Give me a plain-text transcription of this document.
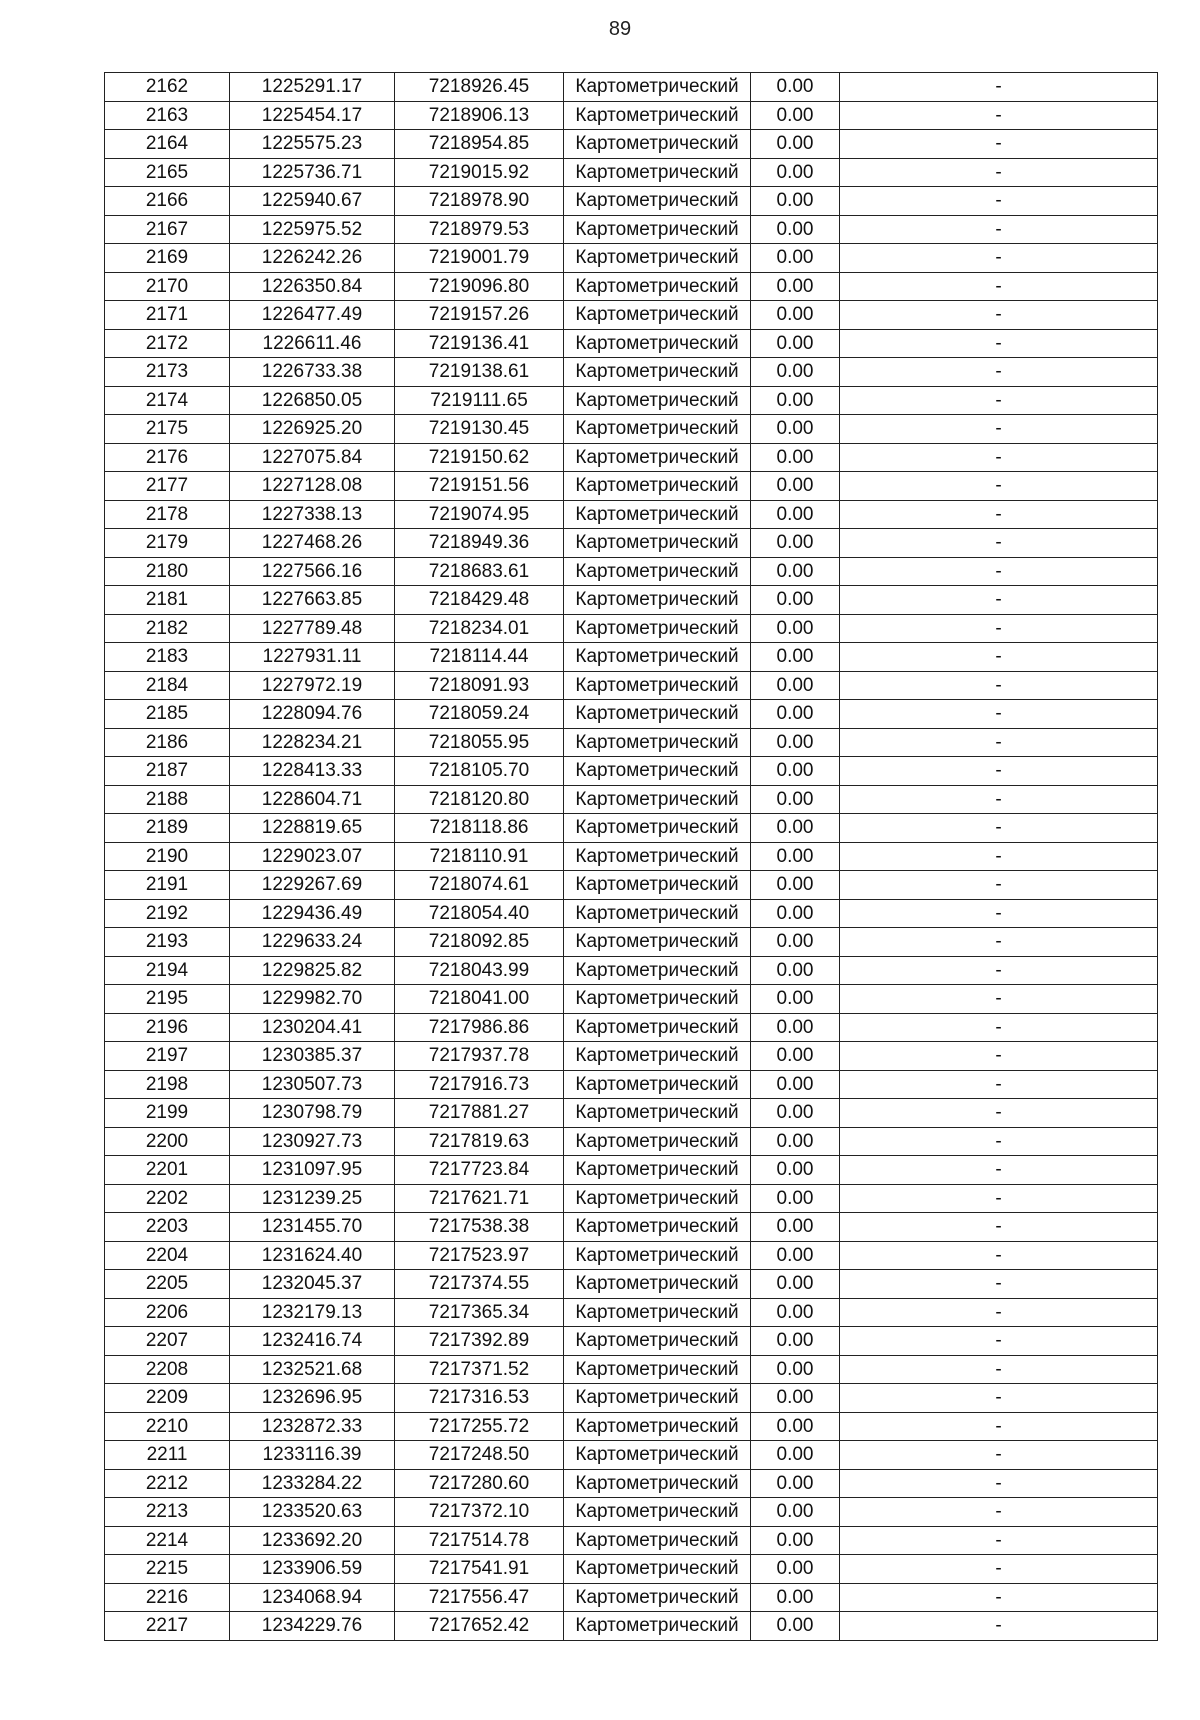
89
2162	1225291.17	7218926.45	Картометрический	0.00	-
2163	1225454.17	7218906.13	Картометрический	0.00	-
2164	1225575.23	7218954.85	Картометрический	0.00	-
2165	1225736.71	7219015.92	Картометрический	0.00	-
2166	1225940.67	7218978.90	Картометрический	0.00	-
2167	1225975.52	7218979.53	Картометрический	0.00	-
2169	1226242.26	7219001.79	Картометрический	0.00	-
2170	1226350.84	7219096.80	Картометрический	0.00	-
2171	1226477.49	7219157.26	Картометрический	0.00	-
2172	1226611.46	7219136.41	Картометрический	0.00	-
2173	1226733.38	7219138.61	Картометрический	0.00	-
2174	1226850.05	7219111.65	Картометрический	0.00	-
2175	1226925.20	7219130.45	Картометрический	0.00	-
2176	1227075.84	7219150.62	Картометрический	0.00	-
2177	1227128.08	7219151.56	Картометрический	0.00	-
2178	1227338.13	7219074.95	Картометрический	0.00	-
2179	1227468.26	7218949.36	Картометрический	0.00	-
2180	1227566.16	7218683.61	Картометрический	0.00	-
2181	1227663.85	7218429.48	Картометрический	0.00	-
2182	1227789.48	7218234.01	Картометрический	0.00	-
2183	1227931.11	7218114.44	Картометрический	0.00	-
2184	1227972.19	7218091.93	Картометрический	0.00	-
2185	1228094.76	7218059.24	Картометрический	0.00	-
2186	1228234.21	7218055.95	Картометрический	0.00	-
2187	1228413.33	7218105.70	Картометрический	0.00	-
2188	1228604.71	7218120.80	Картометрический	0.00	-
2189	1228819.65	7218118.86	Картометрический	0.00	-
2190	1229023.07	7218110.91	Картометрический	0.00	-
2191	1229267.69	7218074.61	Картометрический	0.00	-
2192	1229436.49	7218054.40	Картометрический	0.00	-
2193	1229633.24	7218092.85	Картометрический	0.00	-
2194	1229825.82	7218043.99	Картометрический	0.00	-
2195	1229982.70	7218041.00	Картометрический	0.00	-
2196	1230204.41	7217986.86	Картометрический	0.00	-
2197	1230385.37	7217937.78	Картометрический	0.00	-
2198	1230507.73	7217916.73	Картометрический	0.00	-
2199	1230798.79	7217881.27	Картометрический	0.00	-
2200	1230927.73	7217819.63	Картометрический	0.00	-
2201	1231097.95	7217723.84	Картометрический	0.00	-
2202	1231239.25	7217621.71	Картометрический	0.00	-
2203	1231455.70	7217538.38	Картометрический	0.00	-
2204	1231624.40	7217523.97	Картометрический	0.00	-
2205	1232045.37	7217374.55	Картометрический	0.00	-
2206	1232179.13	7217365.34	Картометрический	0.00	-
2207	1232416.74	7217392.89	Картометрический	0.00	-
2208	1232521.68	7217371.52	Картометрический	0.00	-
2209	1232696.95	7217316.53	Картометрический	0.00	-
2210	1232872.33	7217255.72	Картометрический	0.00	-
2211	1233116.39	7217248.50	Картометрический	0.00	-
2212	1233284.22	7217280.60	Картометрический	0.00	-
2213	1233520.63	7217372.10	Картометрический	0.00	-
2214	1233692.20	7217514.78	Картометрический	0.00	-
2215	1233906.59	7217541.91	Картометрический	0.00	-
2216	1234068.94	7217556.47	Картометрический	0.00	-
2217	1234229.76	7217652.42	Картометрический	0.00	-
